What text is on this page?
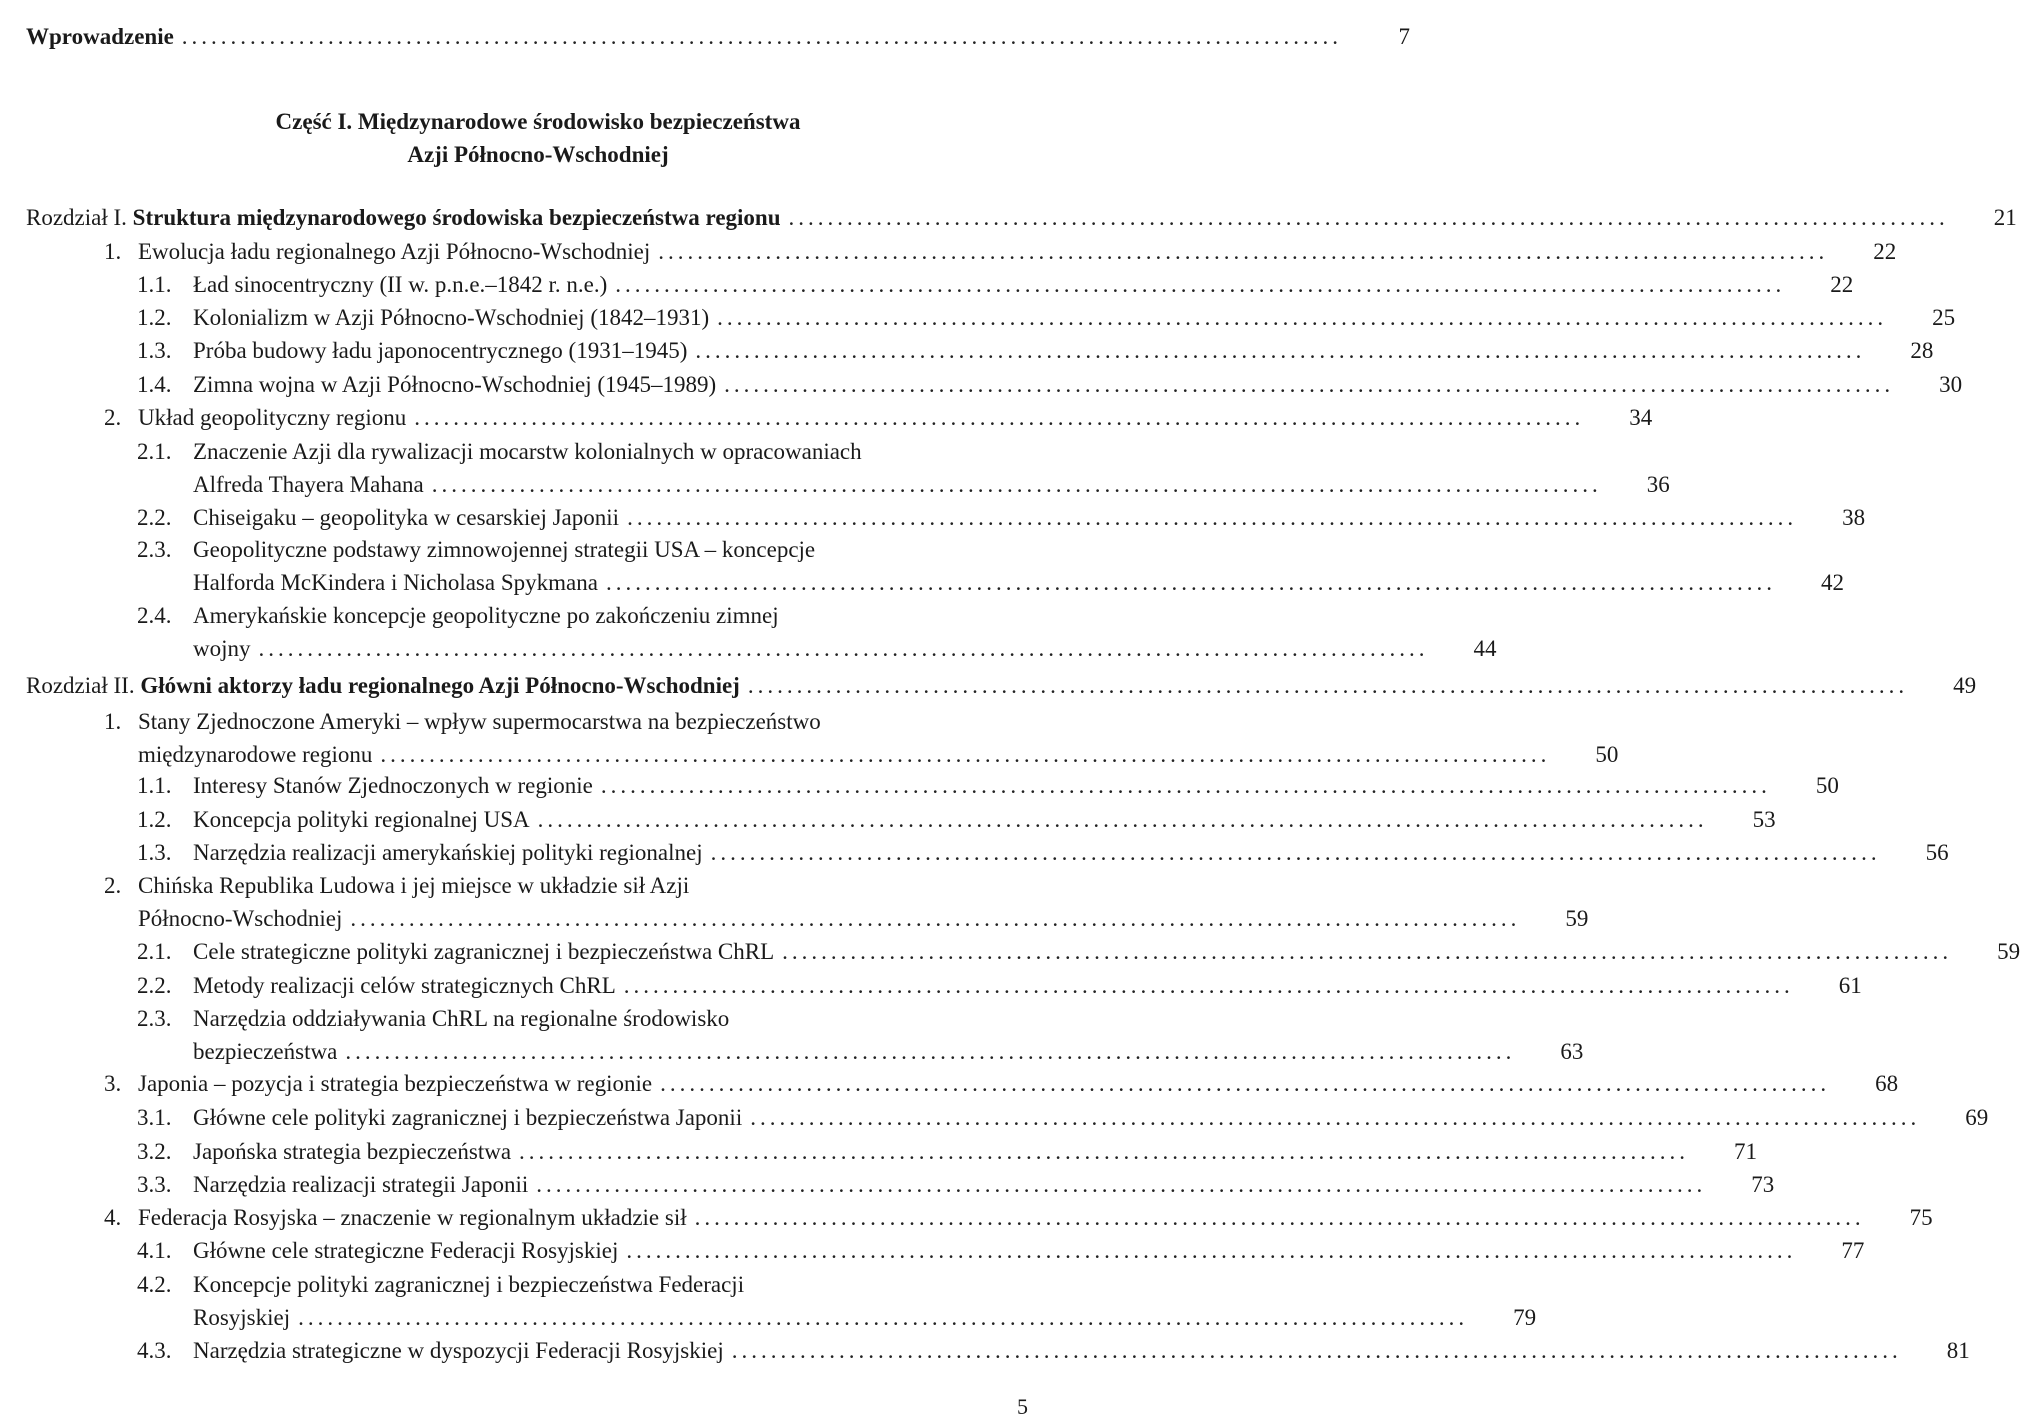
Wprowadzenie .......................................................................................................................	7
Część I. Międzynarodowe środowisko bezpieczeństwa
Azji Północno-Wschodniej
Rozdział I. Struktura międzynarodowego środowiska bezpieczeństwa regionu .......................................................................................................................	21
1. Ewolucja ładu regionalnego Azji Północno-Wschodniej ........................................................................................................................	22
1.1. Ład sinocentryczny (II w. p.n.e.–1842 r. n.e.) ........................................................................................................................	22
1.2. Kolonializm w Azji Północno-Wschodniej (1842–1931) ........................................................................................................................	25
1.3. Próba budowy ładu japonocentrycznego (1931–1945) ........................................................................................................................	28
1.4. Zimna wojna w Azji Północno-Wschodniej (1945–1989) ........................................................................................................................	30
2. Układ geopolityczny regionu ........................................................................................................................	34
2.1. Znaczenie Azji dla rywalizacji mocarstw kolonialnych w opracowaniach
Alfreda Thayera Mahana ........................................................................................................................	36
2.2. Chiseigaku – geopolityka w cesarskiej Japonii ........................................................................................................................	38
2.3. Geopolityczne podstawy zimnowojennej strategii USA – koncepcje
Halforda McKindera i Nicholasa Spykmana ........................................................................................................................	42
2.4. Amerykańskie koncepcje geopolityczne po zakończeniu zimnej
wojny ........................................................................................................................	44
Rozdział II. Główni aktorzy ładu regionalnego Azji Północno-Wschodniej .......................................................................................................................	49
1. Stany Zjednoczone Ameryki – wpływ supermocarstwa na bezpieczeństwo
międzynarodowe regionu ........................................................................................................................	50
1.1. Interesy Stanów Zjednoczonych w regionie ........................................................................................................................	50
1.2. Koncepcja polityki regionalnej USA ........................................................................................................................	53
1.3. Narzędzia realizacji amerykańskiej polityki regionalnej ........................................................................................................................	56
2. Chińska Republika Ludowa i jej miejsce w układzie sił Azji
Północno-Wschodniej ........................................................................................................................	59
2.1. Cele strategiczne polityki zagranicznej i bezpieczeństwa ChRL ........................................................................................................................	59
2.2. Metody realizacji celów strategicznych ChRL ........................................................................................................................	61
2.3. Narzędzia oddziaływania ChRL na regionalne środowisko
bezpieczeństwa ........................................................................................................................	63
3. Japonia – pozycja i strategia bezpieczeństwa w regionie ........................................................................................................................	68
3.1. Główne cele polityki zagranicznej i bezpieczeństwa Japonii ........................................................................................................................	69
3.2. Japońska strategia bezpieczeństwa ........................................................................................................................	71
3.3. Narzędzia realizacji strategii Japonii ........................................................................................................................	73
4. Federacja Rosyjska – znaczenie w regionalnym układzie sił ........................................................................................................................	75
4.1. Główne cele strategiczne Federacji Rosyjskiej ........................................................................................................................	77
4.2. Koncepcje polityki zagranicznej i bezpieczeństwa Federacji
Rosyjskiej ........................................................................................................................	79
4.3. Narzędzia strategiczne w dyspozycji Federacji Rosyjskiej ........................................................................................................................	81
5
